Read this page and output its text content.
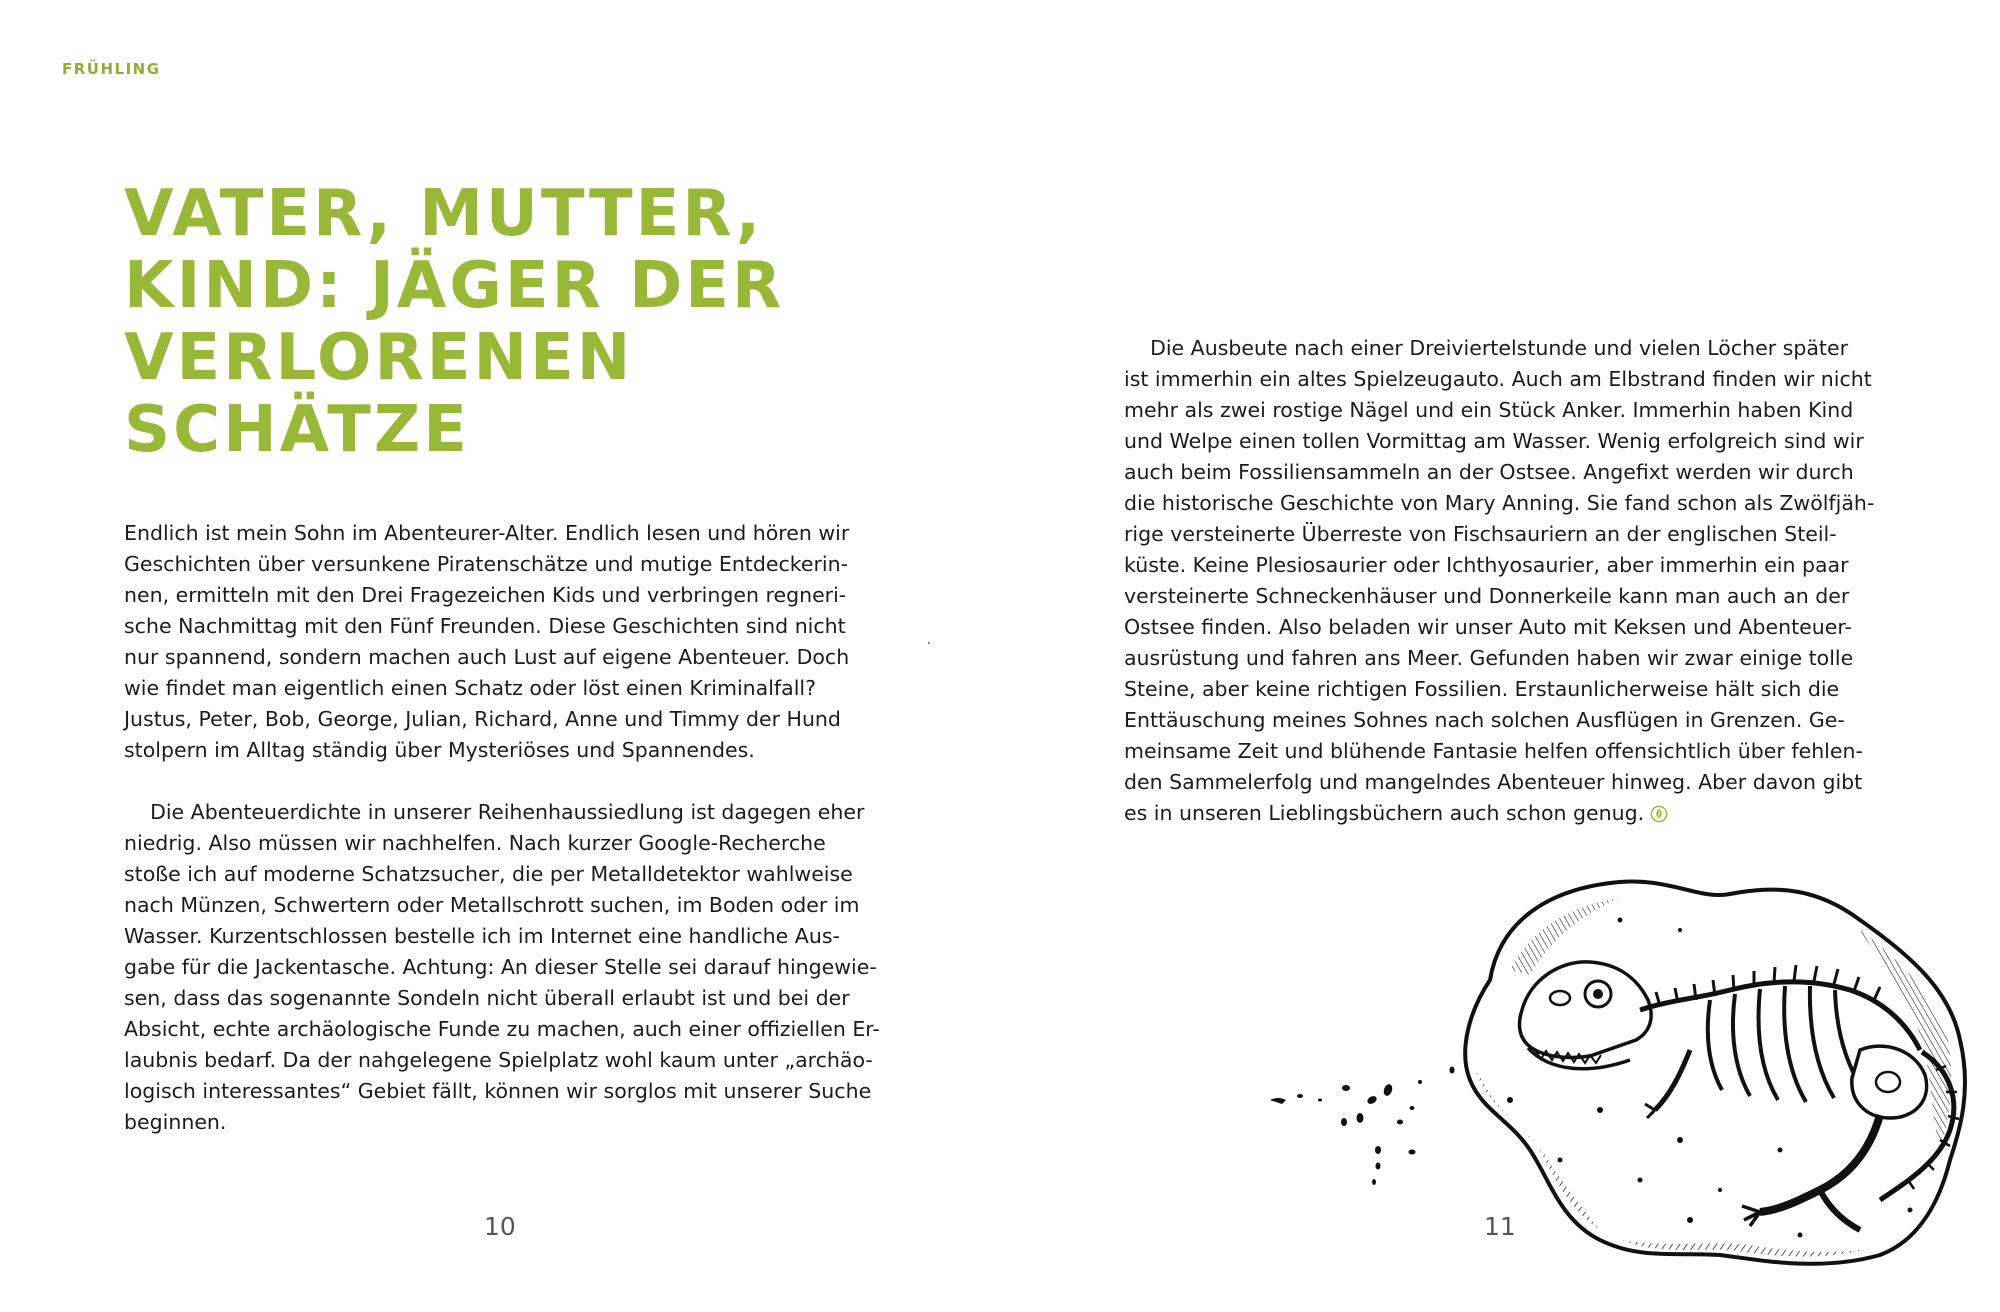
FRÜHLING
VATER, MUTTER,
KIND: JÄGER DER
VERLORENEN
SCHÄTZE

Endlich ist mein Sohn im Abenteurer-Alter. Endlich lesen und hören wir
Geschichten über versunkene Piratenschätze und mutige Entdeckerin-
nen, ermitteln mit den Drei Fragezeichen Kids und verbringen regneri-
sche Nachmittag mit den Fünf Freunden. Diese Geschichten sind nicht
nur spannend, sondern machen auch Lust auf eigene Abenteuer. Doch
wie findet man eigentlich einen Schatz oder löst einen Kriminalfall?
Justus, Peter, Bob, George, Julian, Richard, Anne und Timmy der Hund
stolpern im Alltag ständig über Mysteriöses und Spannendes.

Die Abenteuerdichte in unserer Reihenhaussiedlung ist dagegen eher
niedrig. Also müssen wir nachhelfen. Nach kurzer Google-Recherche
stoße ich auf moderne Schatzsucher, die per Metalldetektor wahlweise
nach Münzen, Schwertern oder Metallschrott suchen, im Boden oder im
Wasser. Kurzentschlossen bestelle ich im Internet eine handliche Aus-
gabe für die Jackentasche. Achtung: An dieser Stelle sei darauf hingewie-
sen, dass das sogenannte Sondeln nicht überall erlaubt ist und bei der
Absicht, echte archäologische Funde zu machen, auch einer offiziellen Er-
laubnis bedarf. Da der nahgelegene Spielplatz wohl kaum unter „archäo-
logisch interessantes“ Gebiet fällt, können wir sorglos mit unserer Suche
beginnen.

Die Ausbeute nach einer Dreiviertelstunde und vielen Löcher später
ist immerhin ein altes Spielzeugauto. Auch am Elbstrand finden wir nicht
mehr als zwei rostige Nägel und ein Stück Anker. Immerhin haben Kind
und Welpe einen tollen Vormittag am Wasser. Wenig erfolgreich sind wir
auch beim Fossiliensammeln an der Ostsee. Angefixt werden wir durch
die historische Geschichte von Mary Anning. Sie fand schon als Zwölfjäh-
rige versteinerte Überreste von Fischsauriern an der englischen Steil-
küste. Keine Plesiosaurier oder Ichthyosaurier, aber immerhin ein paar
versteinerte Schneckenhäuser und Donnerkeile kann man auch an der
Ostsee finden. Also beladen wir unser Auto mit Keksen und Abenteuer-
ausrüstung und fahren ans Meer. Gefunden haben wir zwar einige tolle
Steine, aber keine richtigen Fossilien. Erstaunlicherweise hält sich die
Enttäuschung meines Sohnes nach solchen Ausflügen in Grenzen. Ge-
meinsame Zeit und blühende Fantasie helfen offensichtlich über fehlen-
den Sammelerfolg und mangelndes Abenteuer hinweg. Aber davon gibt
es in unseren Lieblingsbüchern auch schon genug.

10	11
